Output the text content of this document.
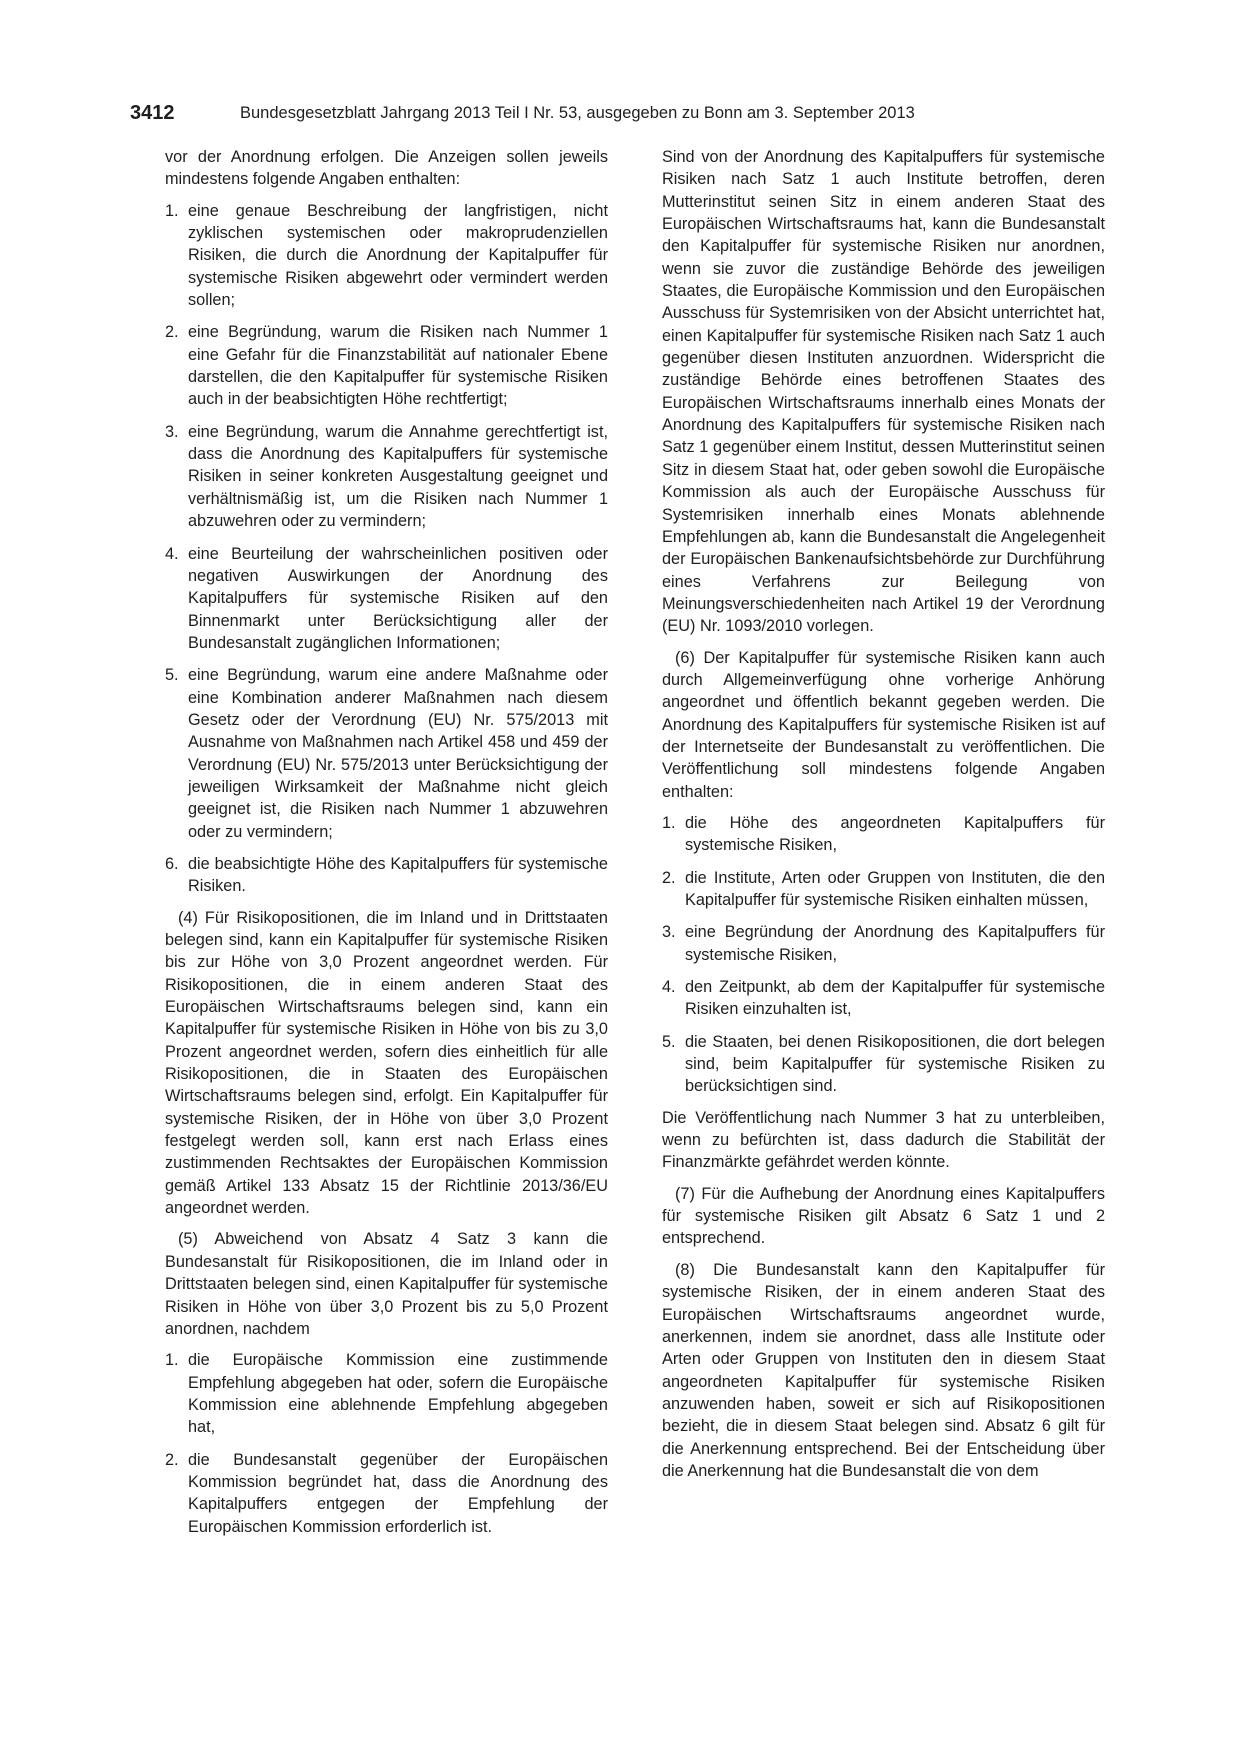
3412	Bundesgesetzblatt Jahrgang 2013 Teil I Nr. 53, ausgegeben zu Bonn am 3. September 2013

vor der Anordnung erfolgen. Die Anzeigen sollen jeweils mindestens folgende Angaben enthalten:

1. eine genaue Beschreibung der langfristigen, nicht zyklischen systemischen oder makroprudenziellen Risiken, die durch die Anordnung der Kapitalpuffer für systemische Risiken abgewehrt oder vermindert werden sollen;
2. eine Begründung, warum die Risiken nach Nummer 1 eine Gefahr für die Finanzstabilität auf nationaler Ebene darstellen, die den Kapitalpuffer für systemische Risiken auch in der beabsichtigten Höhe rechtfertigt;
3. eine Begründung, warum die Annahme gerechtfertigt ist, dass die Anordnung des Kapitalpuffers für systemische Risiken in seiner konkreten Ausgestaltung geeignet und verhältnismäßig ist, um die Risiken nach Nummer 1 abzuwehren oder zu vermindern;
4. eine Beurteilung der wahrscheinlichen positiven oder negativen Auswirkungen der Anordnung des Kapitalpuffers für systemische Risiken auf den Binnenmarkt unter Berücksichtigung aller der Bundesanstalt zugänglichen Informationen;
5. eine Begründung, warum eine andere Maßnahme oder eine Kombination anderer Maßnahmen nach diesem Gesetz oder der Verordnung (EU) Nr. 575/2013 mit Ausnahme von Maßnahmen nach Artikel 458 und 459 der Verordnung (EU) Nr. 575/2013 unter Berücksichtigung der jeweiligen Wirksamkeit der Maßnahme nicht gleich geeignet ist, die Risiken nach Nummer 1 abzuwehren oder zu vermindern;
6. die beabsichtigte Höhe des Kapitalpuffers für systemische Risiken.

(4) Für Risikopositionen, die im Inland und in Drittstaaten belegen sind, kann ein Kapitalpuffer für systemische Risiken bis zur Höhe von 3,0 Prozent angeordnet werden. Für Risikopositionen, die in einem anderen Staat des Europäischen Wirtschaftsraums belegen sind, kann ein Kapitalpuffer für systemische Risiken in Höhe von bis zu 3,0 Prozent angeordnet werden, sofern dies einheitlich für alle Risikopositionen, die in Staaten des Europäischen Wirtschaftsraums belegen sind, erfolgt. Ein Kapitalpuffer für systemische Risiken, der in Höhe von über 3,0 Prozent festgelegt werden soll, kann erst nach Erlass eines zustimmenden Rechtsaktes der Europäischen Kommission gemäß Artikel 133 Absatz 15 der Richtlinie 2013/36/EU angeordnet werden.

(5) Abweichend von Absatz 4 Satz 3 kann die Bundesanstalt für Risikopositionen, die im Inland oder in Drittstaaten belegen sind, einen Kapitalpuffer für systemische Risiken in Höhe von über 3,0 Prozent bis zu 5,0 Prozent anordnen, nachdem

1. die Europäische Kommission eine zustimmende Empfehlung abgegeben hat oder, sofern die Europäische Kommission eine ablehnende Empfehlung abgegeben hat,
2. die Bundesanstalt gegenüber der Europäischen Kommission begründet hat, dass die Anordnung des Kapitalpuffers entgegen der Empfehlung der Europäischen Kommission erforderlich ist.

Sind von der Anordnung des Kapitalpuffers für systemische Risiken nach Satz 1 auch Institute betroffen, deren Mutterinstitut seinen Sitz in einem anderen Staat des Europäischen Wirtschaftsraums hat, kann die Bundesanstalt den Kapitalpuffer für systemische Risiken nur anordnen, wenn sie zuvor die zuständige Behörde des jeweiligen Staates, die Europäische Kommission und den Europäischen Ausschuss für Systemrisiken von der Absicht unterrichtet hat, einen Kapitalpuffer für systemische Risiken nach Satz 1 auch gegenüber diesen Instituten anzuordnen. Widerspricht die zuständige Behörde eines betroffenen Staates des Europäischen Wirtschaftsraums innerhalb eines Monats der Anordnung des Kapitalpuffers für systemische Risiken nach Satz 1 gegenüber einem Institut, dessen Mutterinstitut seinen Sitz in diesem Staat hat, oder geben sowohl die Europäische Kommission als auch der Europäische Ausschuss für Systemrisiken innerhalb eines Monats ablehnende Empfehlungen ab, kann die Bundesanstalt die Angelegenheit der Europäischen Bankenaufsichtsbehörde zur Durchführung eines Verfahrens zur Beilegung von Meinungsverschiedenheiten nach Artikel 19 der Verordnung (EU) Nr. 1093/2010 vorlegen.

(6) Der Kapitalpuffer für systemische Risiken kann auch durch Allgemeinverfügung ohne vorherige Anhörung angeordnet und öffentlich bekannt gegeben werden. Die Anordnung des Kapitalpuffers für systemische Risiken ist auf der Internetseite der Bundesanstalt zu veröffentlichen. Die Veröffentlichung soll mindestens folgende Angaben enthalten:

1. die Höhe des angeordneten Kapitalpuffers für systemische Risiken,
2. die Institute, Arten oder Gruppen von Instituten, die den Kapitalpuffer für systemische Risiken einhalten müssen,
3. eine Begründung der Anordnung des Kapitalpuffers für systemische Risiken,
4. den Zeitpunkt, ab dem der Kapitalpuffer für systemische Risiken einzuhalten ist,
5. die Staaten, bei denen Risikopositionen, die dort belegen sind, beim Kapitalpuffer für systemische Risiken zu berücksichtigen sind.

Die Veröffentlichung nach Nummer 3 hat zu unterbleiben, wenn zu befürchten ist, dass dadurch die Stabilität der Finanzmärkte gefährdet werden könnte.

(7) Für die Aufhebung der Anordnung eines Kapitalpuffers für systemische Risiken gilt Absatz 6 Satz 1 und 2 entsprechend.

(8) Die Bundesanstalt kann den Kapitalpuffer für systemische Risiken, der in einem anderen Staat des Europäischen Wirtschaftsraums angeordnet wurde, anerkennen, indem sie anordnet, dass alle Institute oder Arten oder Gruppen von Instituten den in diesem Staat angeordneten Kapitalpuffer für systemische Risiken anzuwenden haben, soweit er sich auf Risikopositionen bezieht, die in diesem Staat belegen sind. Absatz 6 gilt für die Anerkennung entsprechend. Bei der Entscheidung über die Anerkennung hat die Bundesanstalt die von dem
